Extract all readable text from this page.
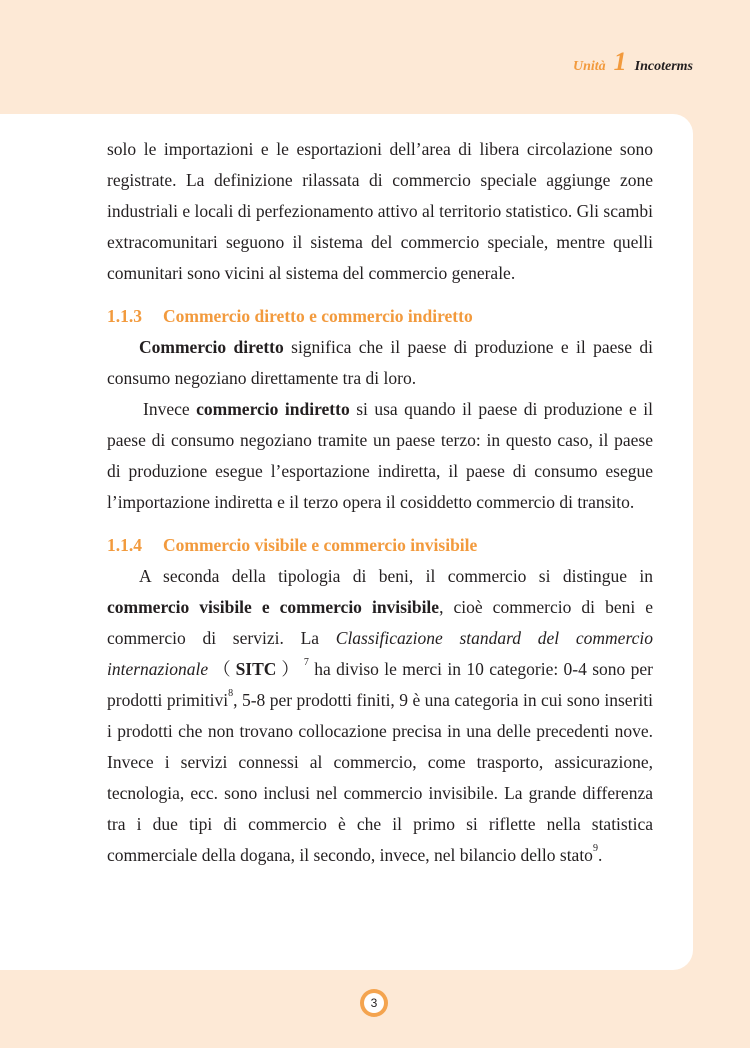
Unità 1 Incoterms

solo le importazioni e le esportazioni dell’area di libera circolazione sono registrate. La definizione rilassata di commercio speciale aggiunge zone industriali e locali di perfezionamento attivo al territorio statistico. Gli scambi extracomunitari seguono il sistema del commercio speciale, mentre quelli comunitari sono vicini al sistema del commercio generale.

1.1.3 Commercio diretto e commercio indiretto

Commercio diretto significa che il paese di produzione e il paese di consumo negoziano direttamente tra di loro.

Invece commercio indiretto si usa quando il paese di produzione e il paese di consumo negoziano tramite un paese terzo: in questo caso, il paese di produzione esegue l’esportazione indiretta, il paese di consumo esegue l’importazione indiretta e il terzo opera il cosiddetto commercio di transito.

1.1.4 Commercio visibile e commercio invisibile

A seconda della tipologia di beni, il commercio si distingue in commercio visibile e commercio invisibile, cioè commercio di beni e commercio di servizi. La Classificazione standard del commercio internazionale （ SITC ） $^7$ ha diviso le merci in 10 categorie: 0-4 sono per prodotti primitivi$^8$, 5-8 per prodotti finiti, 9 è una categoria in cui sono inseriti i prodotti che non trovano collocazione precisa in una delle precedenti nove. Invece i servizi connessi al commercio, come trasporto, assicurazione, tecnologia, ecc. sono inclusi nel commercio invisibile. La grande differenza tra i due tipi di commercio è che il primo si riflette nella statistica commerciale della dogana, il secondo, invece, nel bilancio dello stato$^9$.

3
